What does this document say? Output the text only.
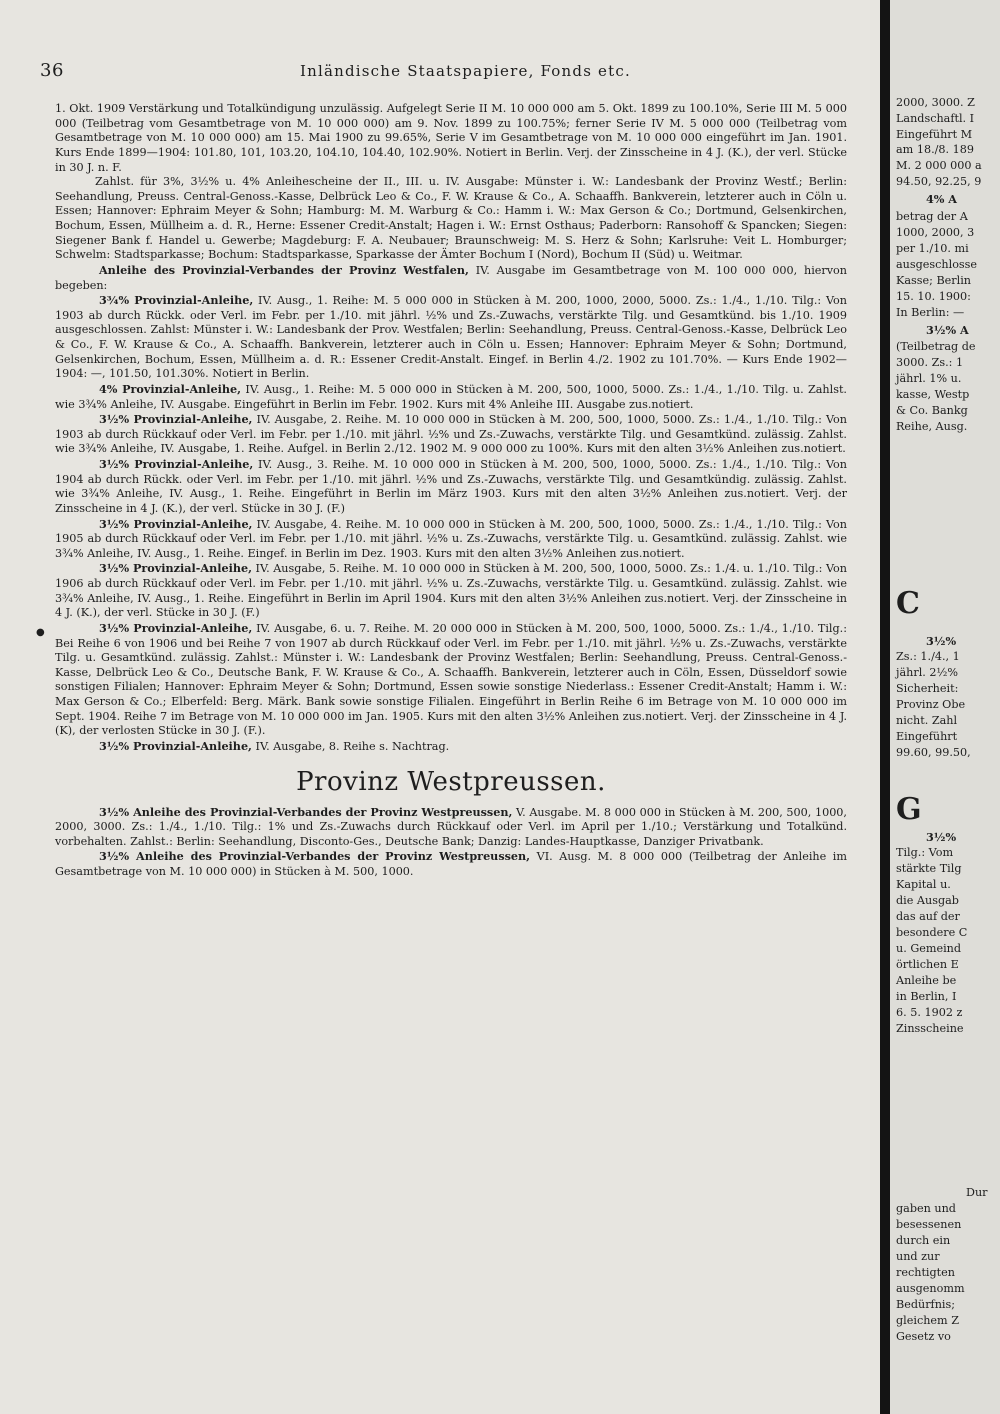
36	Inländische Staatspapiere, Fonds etc.

1. Okt. 1909 Verstärkung und Totalkündigung unzulässig. Aufgelegt Serie II M. 10 000 000 am 5. Okt. 1899 zu 100.10%, Serie III M. 5 000 000 (Teilbetrag vom Gesamtbetrage von M. 10 000 000) am 9. Nov. 1899 zu 100.75%; ferner Serie IV M. 5 000 000 (Teilbetrag vom Gesamtbetrage von M. 10 000 000) am 15. Mai 1900 zu 99.65%, Serie V im Gesamtbetrage von M. 10 000 000 eingeführt im Jan. 1901. Kurs Ende 1899—1904: 101.80, 101, 103.20, 104.10, 104.40, 102.90%. Notiert in Berlin. Verj. der Zinsscheine in 4 J. (K.), der verl. Stücke in 30 J. n. F.

Zahlst. für 3%, 3½% u. 4% Anleihescheine der II., III. u. IV. Ausgabe: Münster i. W.: Landesbank der Provinz Westf.; Berlin: Seehandlung, Preuss. Central-Genoss.-Kasse, Delbrück Leo & Co., F. W. Krause & Co., A. Schaaffh. Bankverein, letzterer auch in Cöln u. Essen; Hannover: Ephraim Meyer & Sohn; Hamburg: M. M. Warburg & Co.: Hamm i. W.: Max Gerson & Co.; Dortmund, Gelsenkirchen, Bochum, Essen, Müllheim a. d. R., Herne: Essener Credit-Anstalt; Hagen i. W.: Ernst Osthaus; Paderborn: Ransohoff & Spancken; Siegen: Siegener Bank f. Handel u. Gewerbe; Magdeburg: F. A. Neubauer; Braunschweig: M. S. Herz & Sohn; Karlsruhe: Veit L. Homburger; Schwelm: Stadtsparkasse; Bochum: Stadtsparkasse, Sparkasse der Ämter Bochum I (Nord), Bochum II (Süd) u. Weitmar.

Anleihe des Provinzial-Verbandes der Provinz Westfalen, IV. Ausgabe im Gesamtbetrage von M. 100 000 000, hiervon begeben:

3¾% Provinzial-Anleihe, IV. Ausg., 1. Reihe: M. 5 000 000 in Stücken à M. 200, 1000, 2000, 5000. Zs.: 1./4., 1./10. Tilg.: Von 1903 ab durch Rückk. oder Verl. im Febr. per 1./10. mit jährl. ½% und Zs.-Zuwachs, verstärkte Tilg. und Gesamtkünd. bis 1./10. 1909 ausgeschlossen. Zahlst: Münster i. W.: Landesbank der Prov. Westfalen; Berlin: Seehandlung, Preuss. Central-Genoss.-Kasse, Delbrück Leo & Co., F. W. Krause & Co., A. Schaaffh. Bankverein, letzterer auch in Cöln u. Essen; Hannover: Ephraim Meyer & Sohn; Dortmund, Gelsenkirchen, Bochum, Essen, Müllheim a. d. R.: Essener Credit-Anstalt. Eingef. in Berlin 4./2. 1902 zu 101.70%. — Kurs Ende 1902—1904: —, 101.50, 101.30%. Notiert in Berlin.

4% Provinzial-Anleihe, IV. Ausg., 1. Reihe: M. 5 000 000 in Stücken à M. 200, 500, 1000, 5000. Zs.: 1./4., 1./10. Tilg. u. Zahlst. wie 3¾% Anleihe, IV. Ausgabe. Eingeführt in Berlin im Febr. 1902. Kurs mit 4% Anleihe III. Ausgabe zus.notiert.

3½% Provinzial-Anleihe, IV. Ausgabe, 2. Reihe. M. 10 000 000 in Stücken à M. 200, 500, 1000, 5000. Zs.: 1./4., 1./10. Tilg.: Von 1903 ab durch Rückkauf oder Verl. im Febr. per 1./10. mit jährl. ½% und Zs.-Zuwachs, verstärkte Tilg. und Gesamtkünd. zulässig. Zahlst. wie 3¾% Anleihe, IV. Ausgabe, 1. Reihe. Aufgel. in Berlin 2./12. 1902 M. 9 000 000 zu 100%. Kurs mit den alten 3½% Anleihen zus.notiert.

3½% Provinzial-Anleihe, IV. Ausg., 3. Reihe. M. 10 000 000 in Stücken à M. 200, 500, 1000, 5000. Zs.: 1./4., 1./10. Tilg.: Von 1904 ab durch Rückk. oder Verl. im Febr. per 1./10. mit jährl. ½% und Zs.-Zuwachs, verstärkte Tilg. und Gesamtkündig. zulässig. Zahlst. wie 3¾% Anleihe, IV. Ausg., 1. Reihe. Eingeführt in Berlin im März 1903. Kurs mit den alten 3½% Anleihen zus.notiert. Verj. der Zinsscheine in 4 J. (K.), der verl. Stücke in 30 J. (F.)

3½% Provinzial-Anleihe, IV. Ausgabe, 4. Reihe. M. 10 000 000 in Stücken à M. 200, 500, 1000, 5000. Zs.: 1./4., 1./10. Tilg.: Von 1905 ab durch Rückkauf oder Verl. im Febr. per 1./10. mit jährl. ½% u. Zs.-Zuwachs, verstärkte Tilg. u. Gesamtkünd. zulässig. Zahlst. wie 3¾% Anleihe, IV. Ausg., 1. Reihe. Eingef. in Berlin im Dez. 1903. Kurs mit den alten 3½% Anleihen zus.notiert.

3½% Provinzial-Anleihe, IV. Ausgabe, 5. Reihe. M. 10 000 000 in Stücken à M. 200, 500, 1000, 5000. Zs.: 1./4. u. 1./10. Tilg.: Von 1906 ab durch Rückkauf oder Verl. im Febr. per 1./10. mit jährl. ½% u. Zs.-Zuwachs, verstärkte Tilg. u. Gesamtkünd. zulässig. Zahlst. wie 3¾% Anleihe, IV. Ausg., 1. Reihe. Eingeführt in Berlin im April 1904. Kurs mit den alten 3½% Anleihen zus.notiert. Verj. der Zinsscheine in 4 J. (K.), der verl. Stücke in 30 J. (F.)

3½% Provinzial-Anleihe, IV. Ausgabe, 6. u. 7. Reihe. M. 20 000 000 in Stücken à M. 200, 500, 1000, 5000. Zs.: 1./4., 1./10. Tilg.: Bei Reihe 6 von 1906 und bei Reihe 7 von 1907 ab durch Rückkauf oder Verl. im Febr. per 1./10. mit jährl. ½% u. Zs.-Zuwachs, verstärkte Tilg. u. Gesamtkünd. zulässig. Zahlst.: Münster i. W.: Landesbank der Provinz Westfalen; Berlin: Seehandlung, Preuss. Central-Genoss.-Kasse, Delbrück Leo & Co., Deutsche Bank, F. W. Krause & Co., A. Schaaffh. Bankverein, letzterer auch in Cöln, Essen, Düsseldorf sowie sonstigen Filialen; Hannover: Ephraim Meyer & Sohn; Dortmund, Essen sowie sonstige Niederlass.: Essener Credit-Anstalt; Hamm i. W.: Max Gerson & Co.; Elberfeld: Berg. Märk. Bank sowie sonstige Filialen. Eingeführt in Berlin Reihe 6 im Betrage von M. 10 000 000 im Sept. 1904. Reihe 7 im Betrage von M. 10 000 000 im Jan. 1905. Kurs mit den alten 3½% Anleihen zus.notiert. Verj. der Zinsscheine in 4 J. (K), der verlosten Stücke in 30 J. (F.).

3½% Provinzial-Anleihe, IV. Ausgabe, 8. Reihe s. Nachtrag.

Provinz Westpreussen.

3½% Anleihe des Provinzial-Verbandes der Provinz Westpreussen, V. Ausgabe. M. 8 000 000 in Stücken à M. 200, 500, 1000, 2000, 3000. Zs.: 1./4., 1./10. Tilg.: 1% und Zs.-Zuwachs durch Rückkauf oder Verl. im April per 1./10.; Verstärkung und Totalkünd. vorbehalten. Zahlst.: Berlin: Seehandlung, Disconto-Ges., Deutsche Bank; Danzig: Landes-Hauptkasse, Danziger Privatbank.

3½% Anleihe des Provinzial-Verbandes der Provinz Westpreussen, VI. Ausg. M. 8 000 000 (Teilbetrag der Anleihe im Gesamtbetrage von M. 10 000 000) in Stücken à M. 500, 1000.

●
2000, 3000. Z
Landschaftl. I
Eingeführt M
am 18./8. 189
M. 2 000 000 a
94.50, 92.25, 9
4% A
betrag der A
1000, 2000, 3
per 1./10. mi
ausgeschlosse
Kasse; Berlin
15. 10. 1900:
In Berlin: —
3½% A
(Teilbetrag de
3000. Zs.: 1
jährl. 1% u.
kasse, Westp
& Co. Bankg
Reihe, Ausg.
C
3½%
Zs.: 1./4., 1
jährl. 2½%
Sicherheit:
Provinz Obe
nicht. Zahl
Eingeführt
99.60, 99.50,
G
3½%
Tilg.: Vom
stärkte Tilg
Kapital u.
die Ausgab
das auf der
besondere C
u. Gemeind
örtlichen E
Anleihe be
in Berlin, I
6. 5. 1902 z
Zinsscheine
Dur
gaben und
besessenen
durch ein
und zur
rechtigten
ausgenomm
Bedürfnis;
gleichem Z
Gesetz vo
